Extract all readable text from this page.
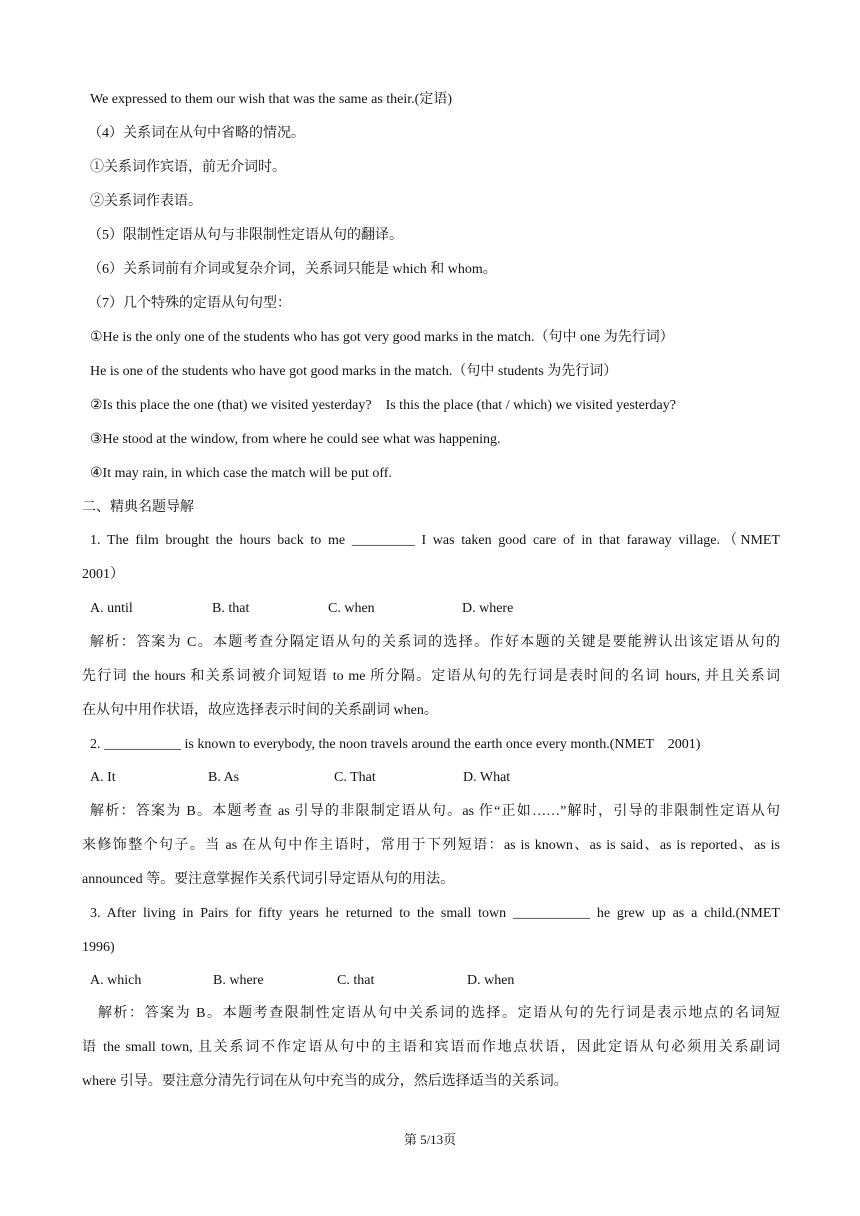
We expressed to them our wish that was the same as their.(定语)
（4）关系词在从句中省略的情况。
①关系词作宾语，前无介词时。
②关系词作表语。
（5）限制性定语从句与非限制性定语从句的翻译。
（6）关系词前有介词或复杂介词，关系词只能是 which 和 whom。
（7）几个特殊的定语从句句型：
①He is the only one of the students who has got very good marks in the match.（句中 one 为先行词）
He is one of the students who have got good marks in the match.（句中 students 为先行词）
②Is this place the one (that) we visited yesterday?    Is this the place (that / which) we visited yesterday?
③He stood at the window, from where he could see what was happening.
④It may rain, in which case the match will be put off.
二、精典名题导解
1. The film brought the hours back to me _________ I was taken good care of in that faraway village.（NMET
2001）
A. until	B. that	C. when	D. where
解析：答案为 C。本题考查分隔定语从句的关系词的选择。作好本题的关键是要能辨认出该定语从句的
先行词 the hours 和关系词被介词短语 to me 所分隔。定语从句的先行词是表时间的名词 hours, 并且关系词
在从句中用作状语，故应选择表示时间的关系副词 when。
2. ___________ is known to everybody, the noon travels around the earth once every month.(NMET    2001)
A. It	B. As	C. That	D. What
解析：答案为 B。本题考查 as 引导的非限制定语从句。as 作“正如……”解时，引导的非限制性定语从句
来修饰整个句子。当 as 在从句中作主语时，常用于下列短语：as is known、as is said、as is reported、as is
announced 等。要注意掌握作关系代词引导定语从句的用法。
3. After living in Pairs for fifty years he returned to the small town ___________ he grew up as a child.(NMET
1996)
A. which	B. where	C. that	D. when
解析：答案为 B。本题考查限制性定语从句中关系词的选择。定语从句的先行词是表示地点的名词短
语 the small town, 且关系词不作定语从句中的主语和宾语而作地点状语，因此定语从句必须用关系副词
where 引导。要注意分清先行词在从句中充当的成分，然后选择适当的关系词。
第 5/13页
